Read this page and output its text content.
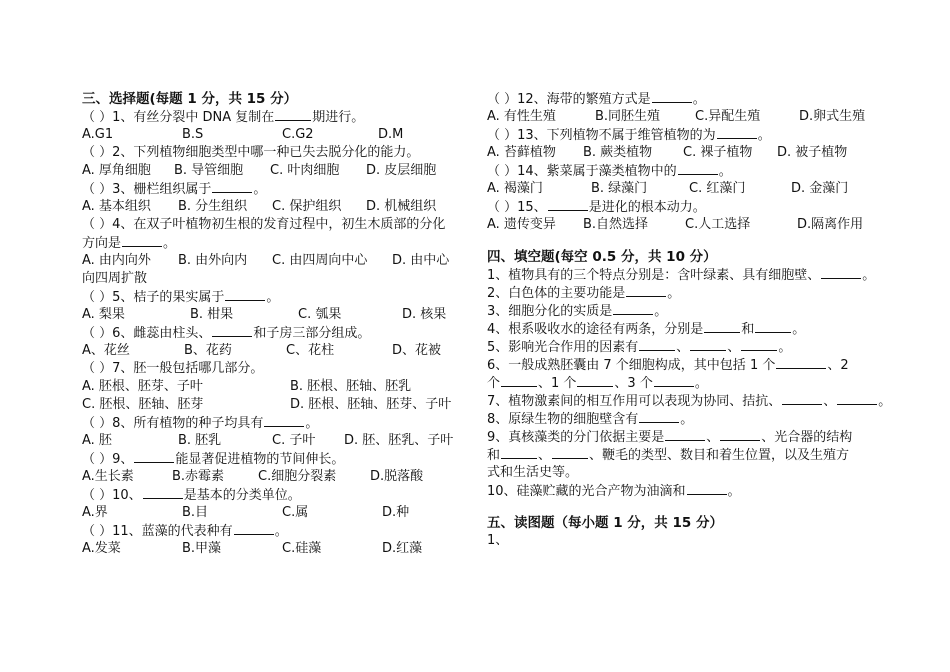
三、选择题(每题 1 分，共 15 分）
（ ）1、有丝分裂中 DNA 复制在	期进行。
A.G1	B.S	C.G2	D.M
（ ）2、下列植物细胞类型中哪一种已失去脱分化的能力。
A. 厚角细胞 B. 导管细胞 C. 叶肉细胞 D. 皮层细胞
（ ）3、栅栏组织属于	。
A. 基本组织 B. 分生组织 C. 保护组织 D. 机械组织
（ ）4、在双子叶植物初生根的发育过程中，初生木质部的分化
方向是	。
A. 由内向外 B. 由外向内 C. 由四周向中心 D. 由中心
向四周扩散
（ ）5、桔子的果实属于	。
A. 梨果	B. 柑果	C. 瓠果	D. 核果
（ ）6、雌蕊由柱头、	和子房三部分组成。
A、花丝	B、花药	C、花柱	D、花被
（ ）7、胚一般包括哪几部分。
A. 胚根、胚芽、子叶	B. 胚根、胚轴、胚乳
C. 胚根、胚轴、胚芽	D. 胚根、胚轴、胚芽、子叶
（ ）8、所有植物的种子均具有	。
A. 胚	B. 胚乳	C. 子叶 D. 胚、胚乳、子叶
（ ）9、	能显著促进植物的节间伸长。
A.生长素	B.赤霉素	C.细胞分裂素	D.脱落酸
（ ）10、	是基本的分类单位。
A.界	B.目	C.属	D.种
（ ）11、蓝藻的代表种有	。
A.发菜	B.甲藻	C.硅藻	D.红藻
（ ）12、海带的繁殖方式是	。
A. 有性生殖	B.同胚生殖	C.异配生殖	D.卵式生殖
（ ）13、下列植物不属于维管植物的为	。
A. 苔藓植物 B. 蕨类植物 C. 裸子植物 D. 被子植物
（ ）14、紫菜属于藻类植物中的	。
A. 褐藻门	B. 绿藻门	C. 红藻门	D. 金藻门
（ ）15、	是进化的根本动力。
A. 遗传变异 B.自然选择	C.人工选择	D.隔离作用
四、填空题(每空 0.5 分，共 10 分）
1、植物具有的三个特点分别是：含叶绿素、具有细胞壁、	。
2、白色体的主要功能是	。
3、细胞分化的实质是	。
4、根系吸收水的途径有两条，分别是	和	。
5、影响光合作用的因素有	、	、	。
6、一般成熟胚囊由 7 个细胞构成，其中包括 1 个	、2
个	、1 个	、3 个	。
7、植物激素间的相互作用可以表现为协同、拮抗、	、	。
8、原绿生物的细胞壁含有	。
9、真核藻类的分门依据主要是	、	、光合器的结构
和	、	、鞭毛的类型、数目和着生位置，以及生殖方
式和生活史等。
10、硅藻贮藏的光合产物为油滴和	。
五、读图题（每小题 1 分，共 15 分）
1、
